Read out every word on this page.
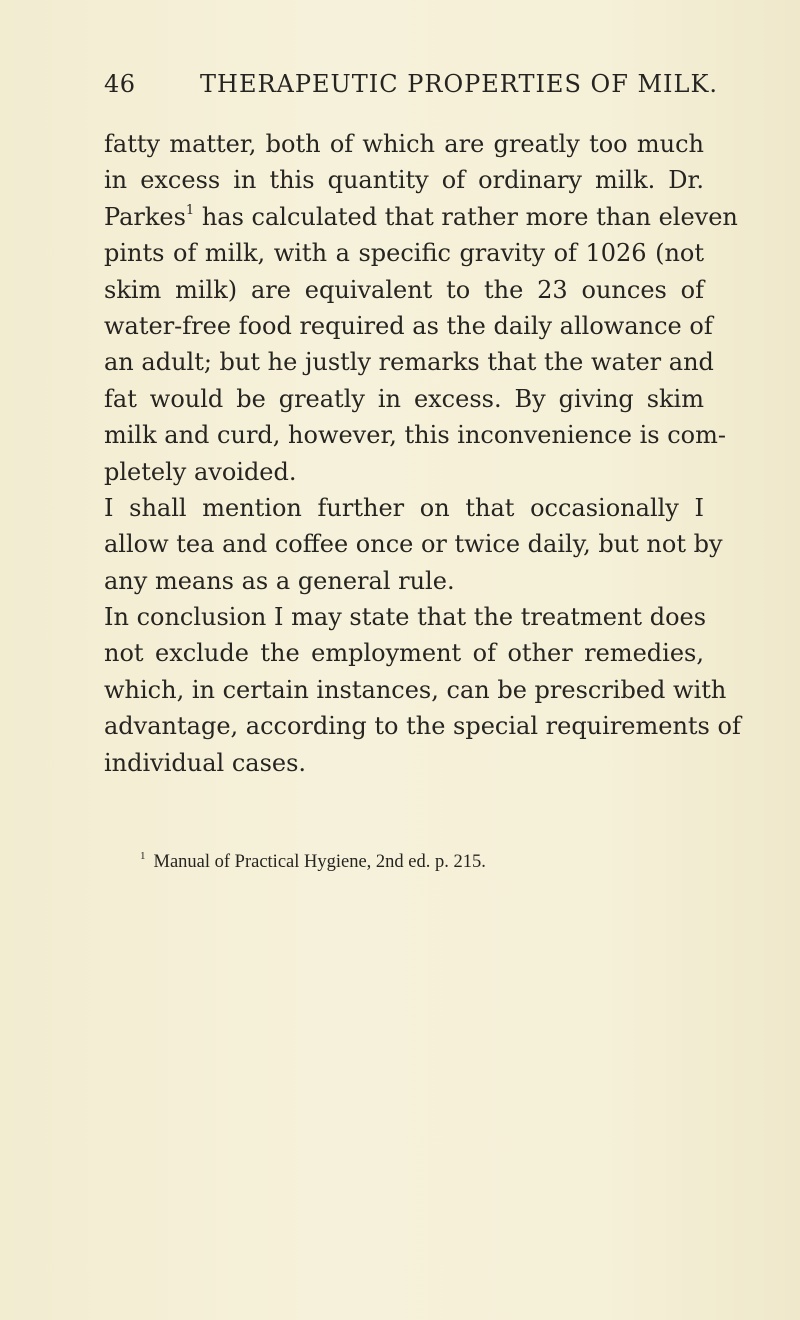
46	THERAPEUTIC PROPERTIES OF MILK.
fatty matter, both of which are greatly too much
in excess in this quantity of ordinary milk. Dr.
Parkes$^1$ has calculated that rather more than eleven
pints of milk, with a specific gravity of 1026 (not
skim milk) are equivalent to the 23 ounces of
water-free food required as the daily allowance of
an adult; but he justly remarks that the water and
fat would be greatly in excess. By giving skim
milk and curd, however, this inconvenience is com-
pletely avoided.
I shall mention further on that occasionally I
allow tea and coffee once or twice daily, but not by
any means as a general rule.
In conclusion I may state that the treatment does
not exclude the employment of other remedies,
which, in certain instances, can be prescribed with
advantage, according to the special requirements of
individual cases.
$^1$ Manual of Practical Hygiene, 2nd ed. p. 215.
